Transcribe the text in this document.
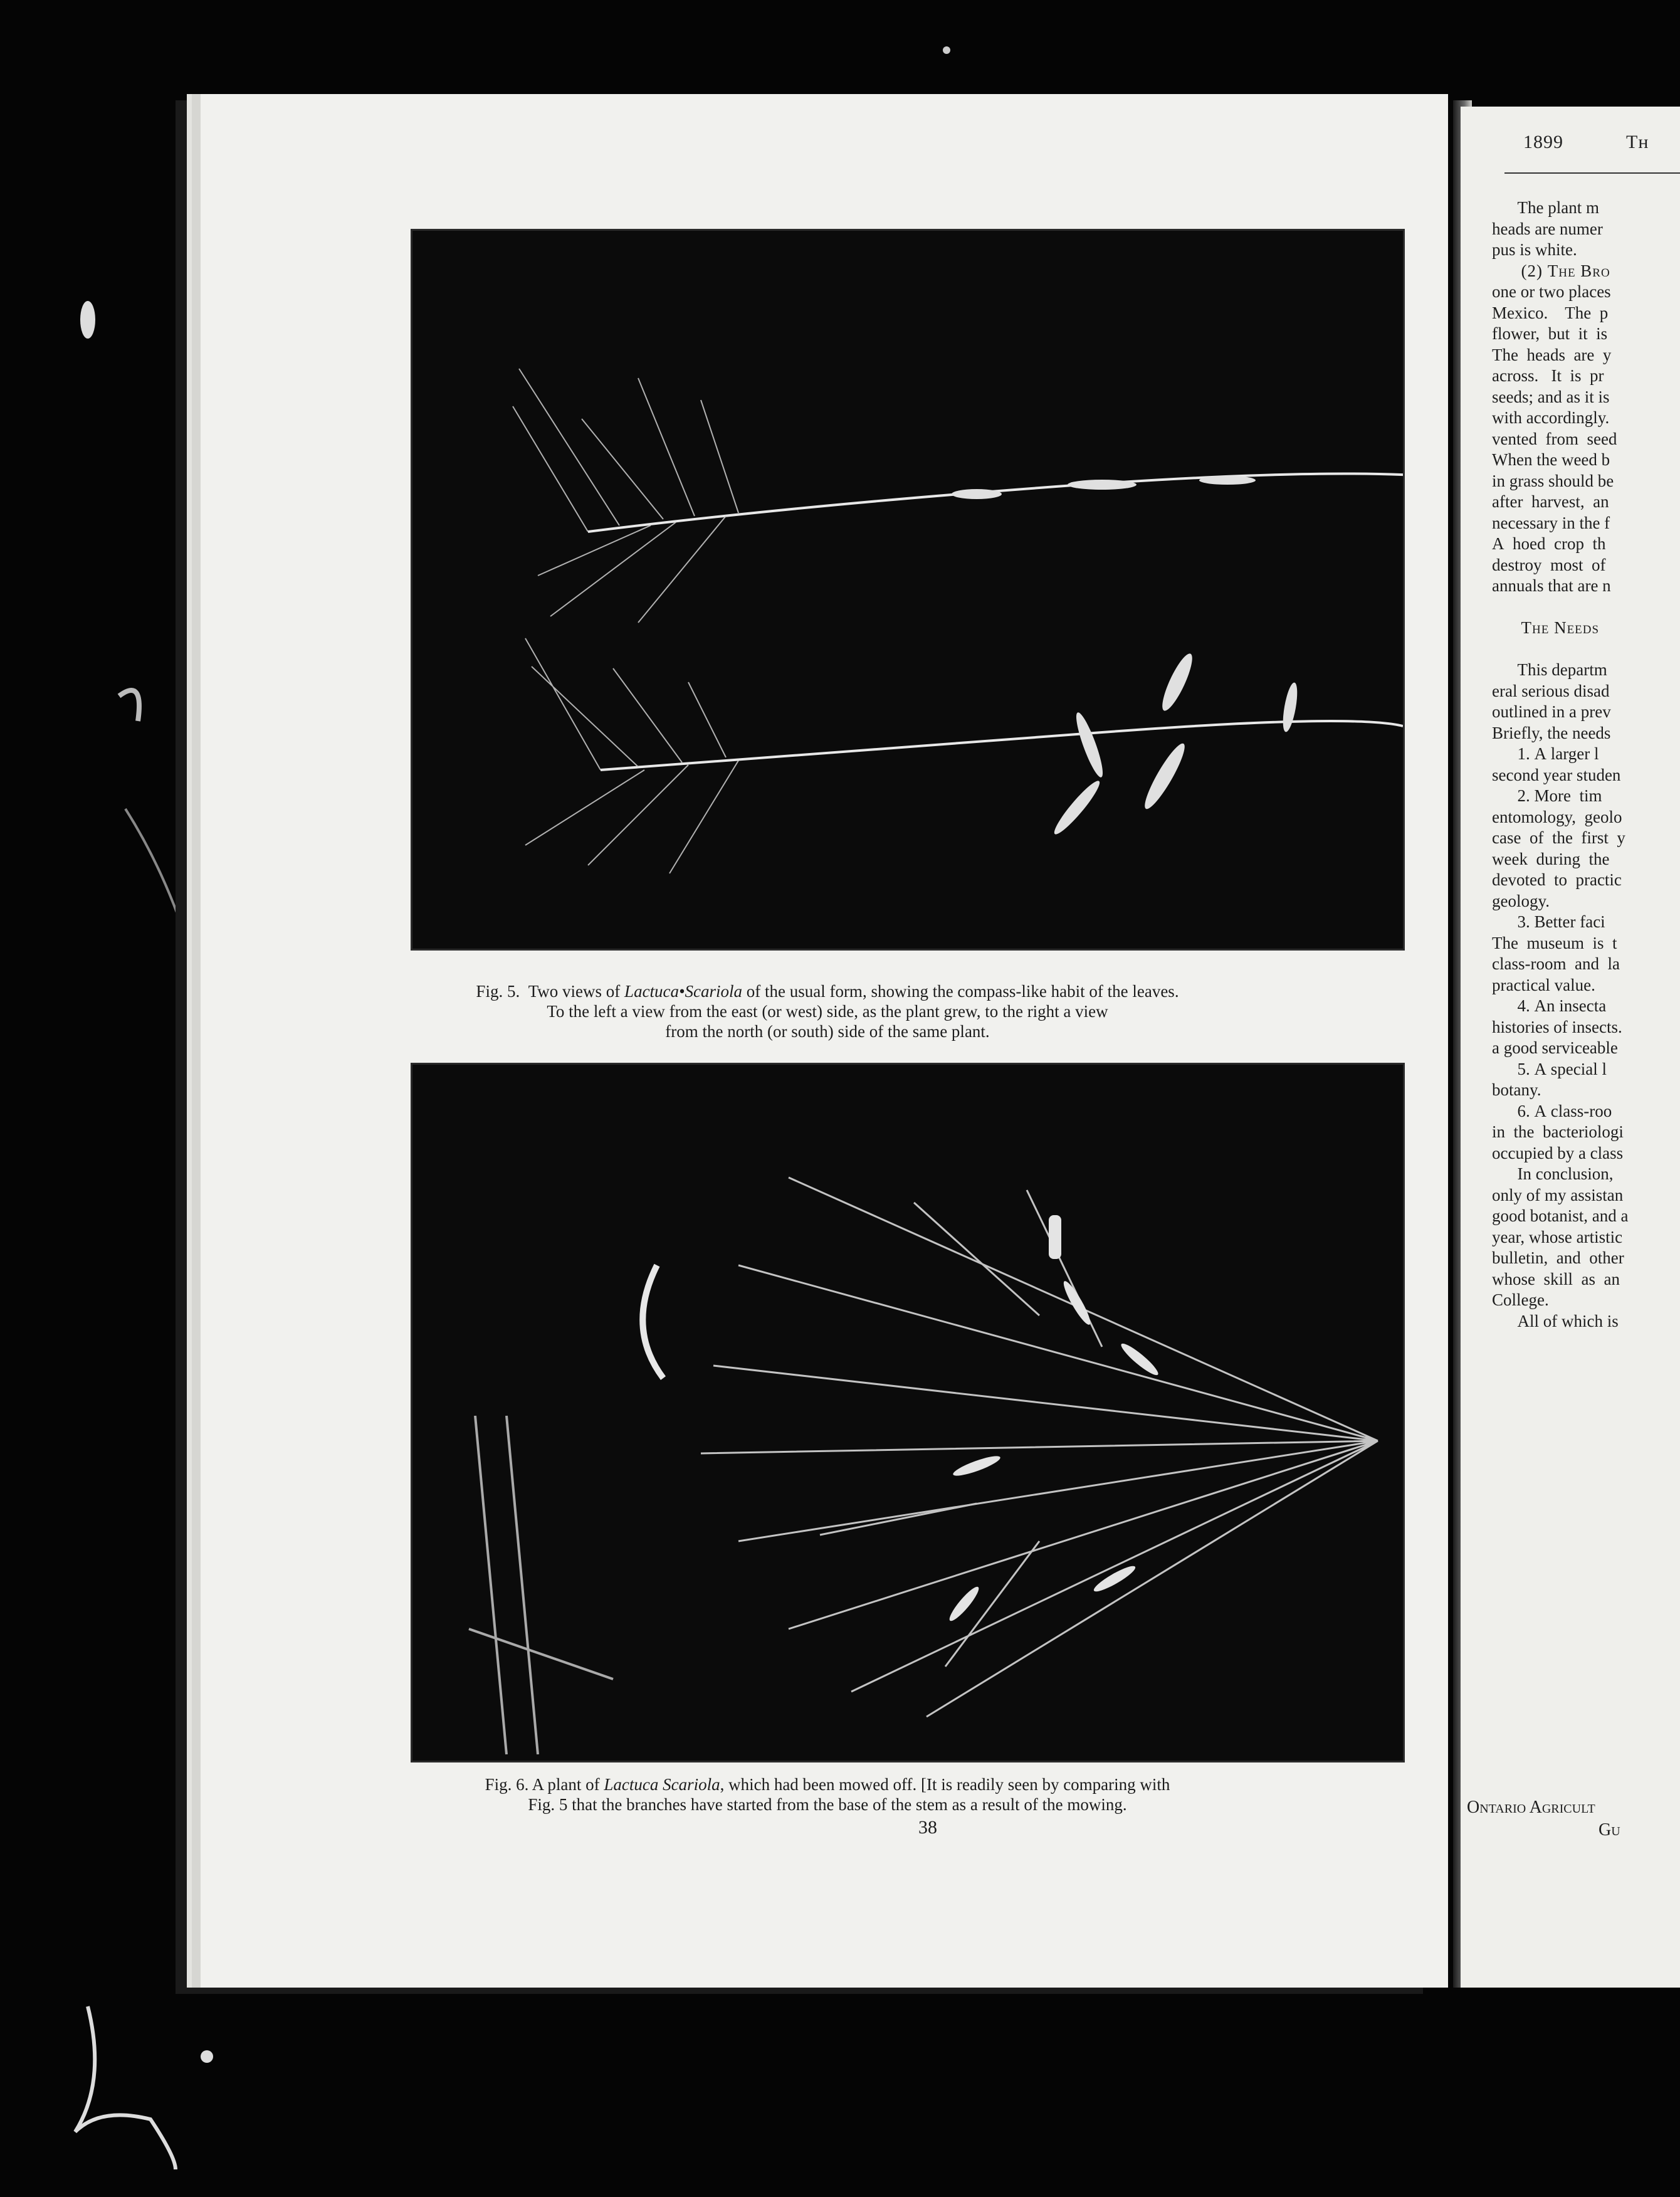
Fig. 5. Two views of Lactuca•Scariola of the usual form, showing the compass-like habit of the leaves.
To the left a view from the east (or west) side, as the plant grew, to the right a view
from the north (or south) side of the same plant.
Fig. 6. A plant of Lactuca Scariola, which had been mowed off. [It is readily seen by comparing with
Fig. 5 that the branches have started from the base of the stem as a result of the mowing.
38
1899	Tʜ
The plant m
heads are numer
pus is white.
(2) The Bro
one or two places
Mexico.    The  p
flower,  but  it  is
The  heads  are  y
across.   It  is  pr
seeds; and as it is
with accordingly.
vented  from  seed
When the weed b
in grass should be
after  harvest,  an
necessary in the f
A  hoed  crop  th
destroy  most  of
annuals that are n
The Needs
This departm
eral serious disad
outlined in a prev
Briefly, the needs
1. A larger l
second year studen
2. More  tim
entomology,  geolo
case  of  the  first  y
week  during  the
devoted  to  practic
geology.
3. Better faci
The  museum  is  t
class-room  and  la
practical value.
4. An insecta
histories of insects.
a good serviceable
5. A special l
botany.
6. A class-roo
in  the  bacteriologi
occupied by a class
In conclusion,
only of my assistan
good botanist, and a
year, whose artistic
bulletin,  and  other
whose  skill  as  an
College.
All of which is
Ontario Agricult
Gu
